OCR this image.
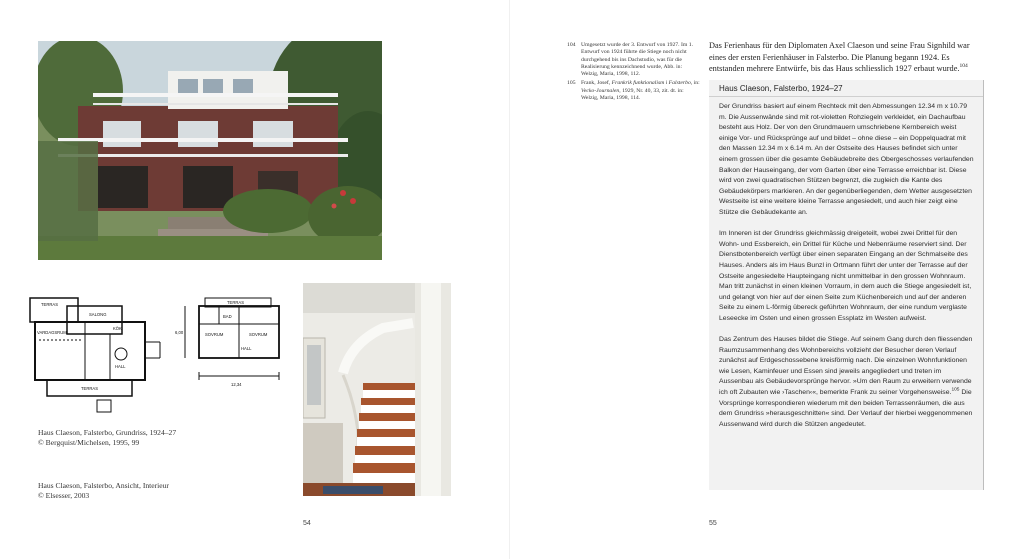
TERRAS
VARDAGSRUM
SALONG
KÖK
HALL
TERRAS
TERRAS
BAD
SOVRUM	SOVRUM
HALL
6,00
12,34
Haus Claeson, Falsterbo, Grundriss, 1924–27
© Bergquist/Michelsen, 1995, 99
Haus Claeson, Falsterbo, Ansicht, Interieur
© Elsesser, 2003
54
104 Umgesetzt wurde der 3. Entwurf von 1927. Im 1. Entwurf von 1924 führte die Stiege noch nicht durchgehend bis ins Dachstudio, was für die Realisierung kennzeichnend wurde, Abb. in: Welzig, Maria, 1998, 112.
105 Frank, Josef, Frankrik funktionalism i Falsterbo, in: Vecko-Journalen, 1929, Nr. 40, 33, zit. dt. in: Welzig, Maria, 1998, 114.
Das Ferienhaus für den Diplomaten Axel Claeson und seine Frau Signhild war eines der ersten Ferienhäuser in Falsterbo. Die Planung begann 1924. Es entstanden mehrere Entwürfe, bis das Haus schliesslich 1927 erbaut wurde.$^{104}$
Haus Claeson, Falsterbo, 1924–27

Der Grundriss basiert auf einem Rechteck mit den Abmessungen 12.34 m x 10.79 m. Die Aussenwände sind mit rot-violetten Rohziegeln verkleidet, ein Dachaufbau besteht aus Holz. Der von den Grundmauern umschriebene Kernbereich weist einige Vor- und Rücksprünge auf und bildet – ohne diese – ein Doppelquadrat mit den Massen 12.34 m x 6.14 m. An der Ostseite des Hauses befindet sich unter einem grossen über die gesamte Gebäudebreite des Obergeschosses verlaufenden Balkon der Hauseingang, der vom Garten über eine Terrasse erreichbar ist. Diese wird von zwei quadratischen Stützen begrenzt, die zugleich die Kante des Gebäudekörpers markieren. An der gegenüberliegenden, dem Wetter ausgesetzten Westseite ist eine weitere kleine Terrasse angesiedelt, und auch hier zeigt eine Stütze die Gebäudekante an.

Im Inneren ist der Grundriss gleichmässig dreigeteilt, wobei zwei Drittel für den Wohn- und Essbereich, ein Drittel für Küche und Nebenräume reserviert sind. Der Dienstbotenbereich verfügt über einen separaten Eingang an der Schmalseite des Hauses. Anders als im Haus Bunzl in Ortmann führt der unter der Terrasse auf der Ostseite angesiedelte Haupteingang nicht unmittelbar in den grossen Wohnraum. Man tritt zunächst in einen kleinen Vorraum, in dem auch die Stiege angesiedelt ist, und gelangt von hier auf der einen Seite zum Küchenbereich und auf der anderen Seite zu einem L-förmig übereck geführten Wohnraum, der eine rundum verglaste Leseecke im Osten und einen grossen Essplatz im Westen aufweist.

Das Zentrum des Hauses bildet die Stiege. Auf seinem Gang durch den fliessenden Raumzusammenhang des Wohnbereichs vollzieht der Besucher deren Verlauf zunächst auf Erdgeschossebene kreisförmig nach. Die einzelnen Wohnfunktionen wie Lesen, Kaminfeuer und Essen sind jeweils angegliedert und treten im Aussenbau als Gebäudevorsprünge hervor. »Um den Raum zu erweitern verwende ich oft Zubauten wie ›Taschen‹«, bemerkte Frank zu seiner Vorgehensweise.$^{105}$ Die Vorsprünge korrespondieren wiederum mit den beiden Terrassenräumen, die aus dem Grundriss »herausgeschnitten« sind. Der Verlauf der hierbei weggenommenen Aussenwand wird durch die Stützen angedeutet.

55
